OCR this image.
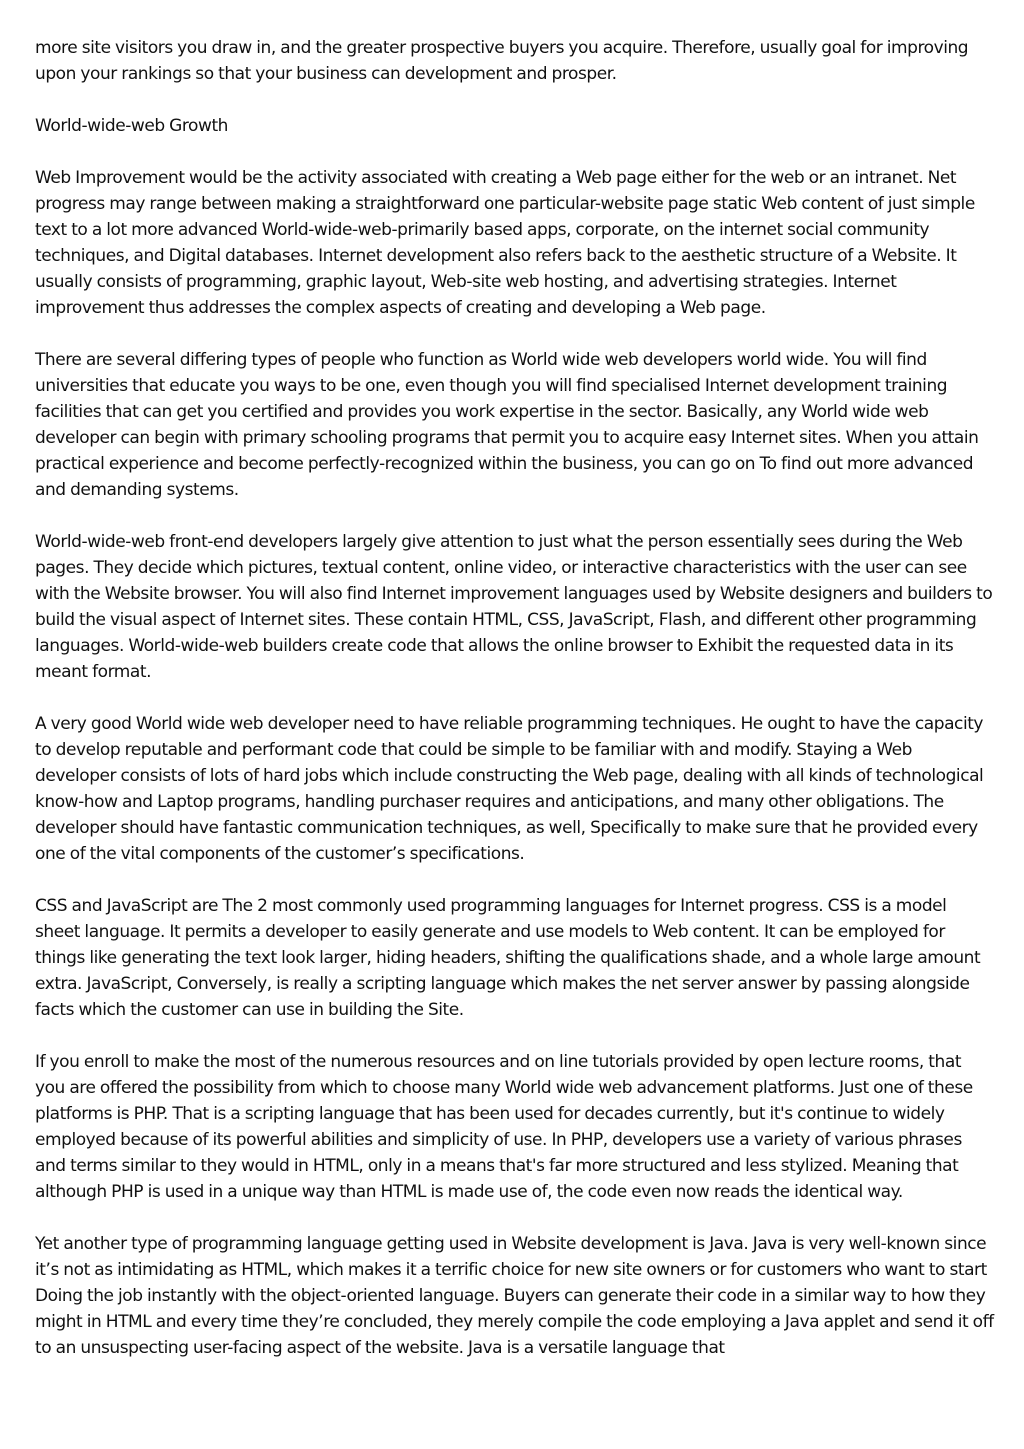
more site visitors you draw in, and the greater prospective buyers you acquire. Therefore, usually goal for improving upon your rankings so that your business can development and prosper.

World-wide-web Growth

Web Improvement would be the activity associated with creating a Web page either for the web or an intranet. Net progress may range between making a straightforward one particular-website page static Web content of just simple text to a lot more advanced World-wide-web-primarily based apps, corporate, on the internet social community techniques, and Digital databases. Internet development also refers back to the aesthetic structure of a Website. It usually consists of programming, graphic layout, Web-site web hosting, and advertising strategies. Internet improvement thus addresses the complex aspects of creating and developing a Web page.

There are several differing types of people who function as World wide web developers world wide. You will find universities that educate you ways to be one, even though you will find specialised Internet development training facilities that can get you certified and provides you work expertise in the sector. Basically, any World wide web developer can begin with primary schooling programs that permit you to acquire easy Internet sites. When you attain practical experience and become perfectly-recognized within the business, you can go on To find out more advanced and demanding systems.

World-wide-web front-end developers largely give attention to just what the person essentially sees during the Web pages. They decide which pictures, textual content, online video, or interactive characteristics with the user can see with the Website browser. You will also find Internet improvement languages used by Website designers and builders to build the visual aspect of Internet sites. These contain HTML, CSS, JavaScript, Flash, and different other programming languages. World-wide-web builders create code that allows the online browser to Exhibit the requested data in its meant format.

A very good World wide web developer need to have reliable programming techniques. He ought to have the capacity to develop reputable and performant code that could be simple to be familiar with and modify. Staying a Web developer consists of lots of hard jobs which include constructing the Web page, dealing with all kinds of technological know-how and Laptop programs, handling purchaser requires and anticipations, and many other obligations. The developer should have fantastic communication techniques, as well, Specifically to make sure that he provided every one of the vital components of the customer’s specifications.

CSS and JavaScript are The 2 most commonly used programming languages for Internet progress. CSS is a model sheet language. It permits a developer to easily generate and use models to Web content. It can be employed for things like generating the text look larger, hiding headers, shifting the qualifications shade, and a whole large amount extra. JavaScript, Conversely, is really a scripting language which makes the net server answer by passing alongside facts which the customer can use in building the Site.

If you enroll to make the most of the numerous resources and on line tutorials provided by open lecture rooms, that you are offered the possibility from which to choose many World wide web advancement platforms. Just one of these platforms is PHP. That is a scripting language that has been used for decades currently, but it's continue to widely employed because of its powerful abilities and simplicity of use. In PHP, developers use a variety of various phrases and terms similar to they would in HTML, only in a means that's far more structured and less stylized. Meaning that although PHP is used in a unique way than HTML is made use of, the code even now reads the identical way.

Yet another type of programming language getting used in Website development is Java. Java is very well-known since it’s not as intimidating as HTML, which makes it a terrific choice for new site owners or for customers who want to start Doing the job instantly with the object-oriented language. Buyers can generate their code in a similar way to how they might in HTML and every time they’re concluded, they merely compile the code employing a Java applet and send it off to an unsuspecting user-facing aspect of the website. Java is a versatile language that
